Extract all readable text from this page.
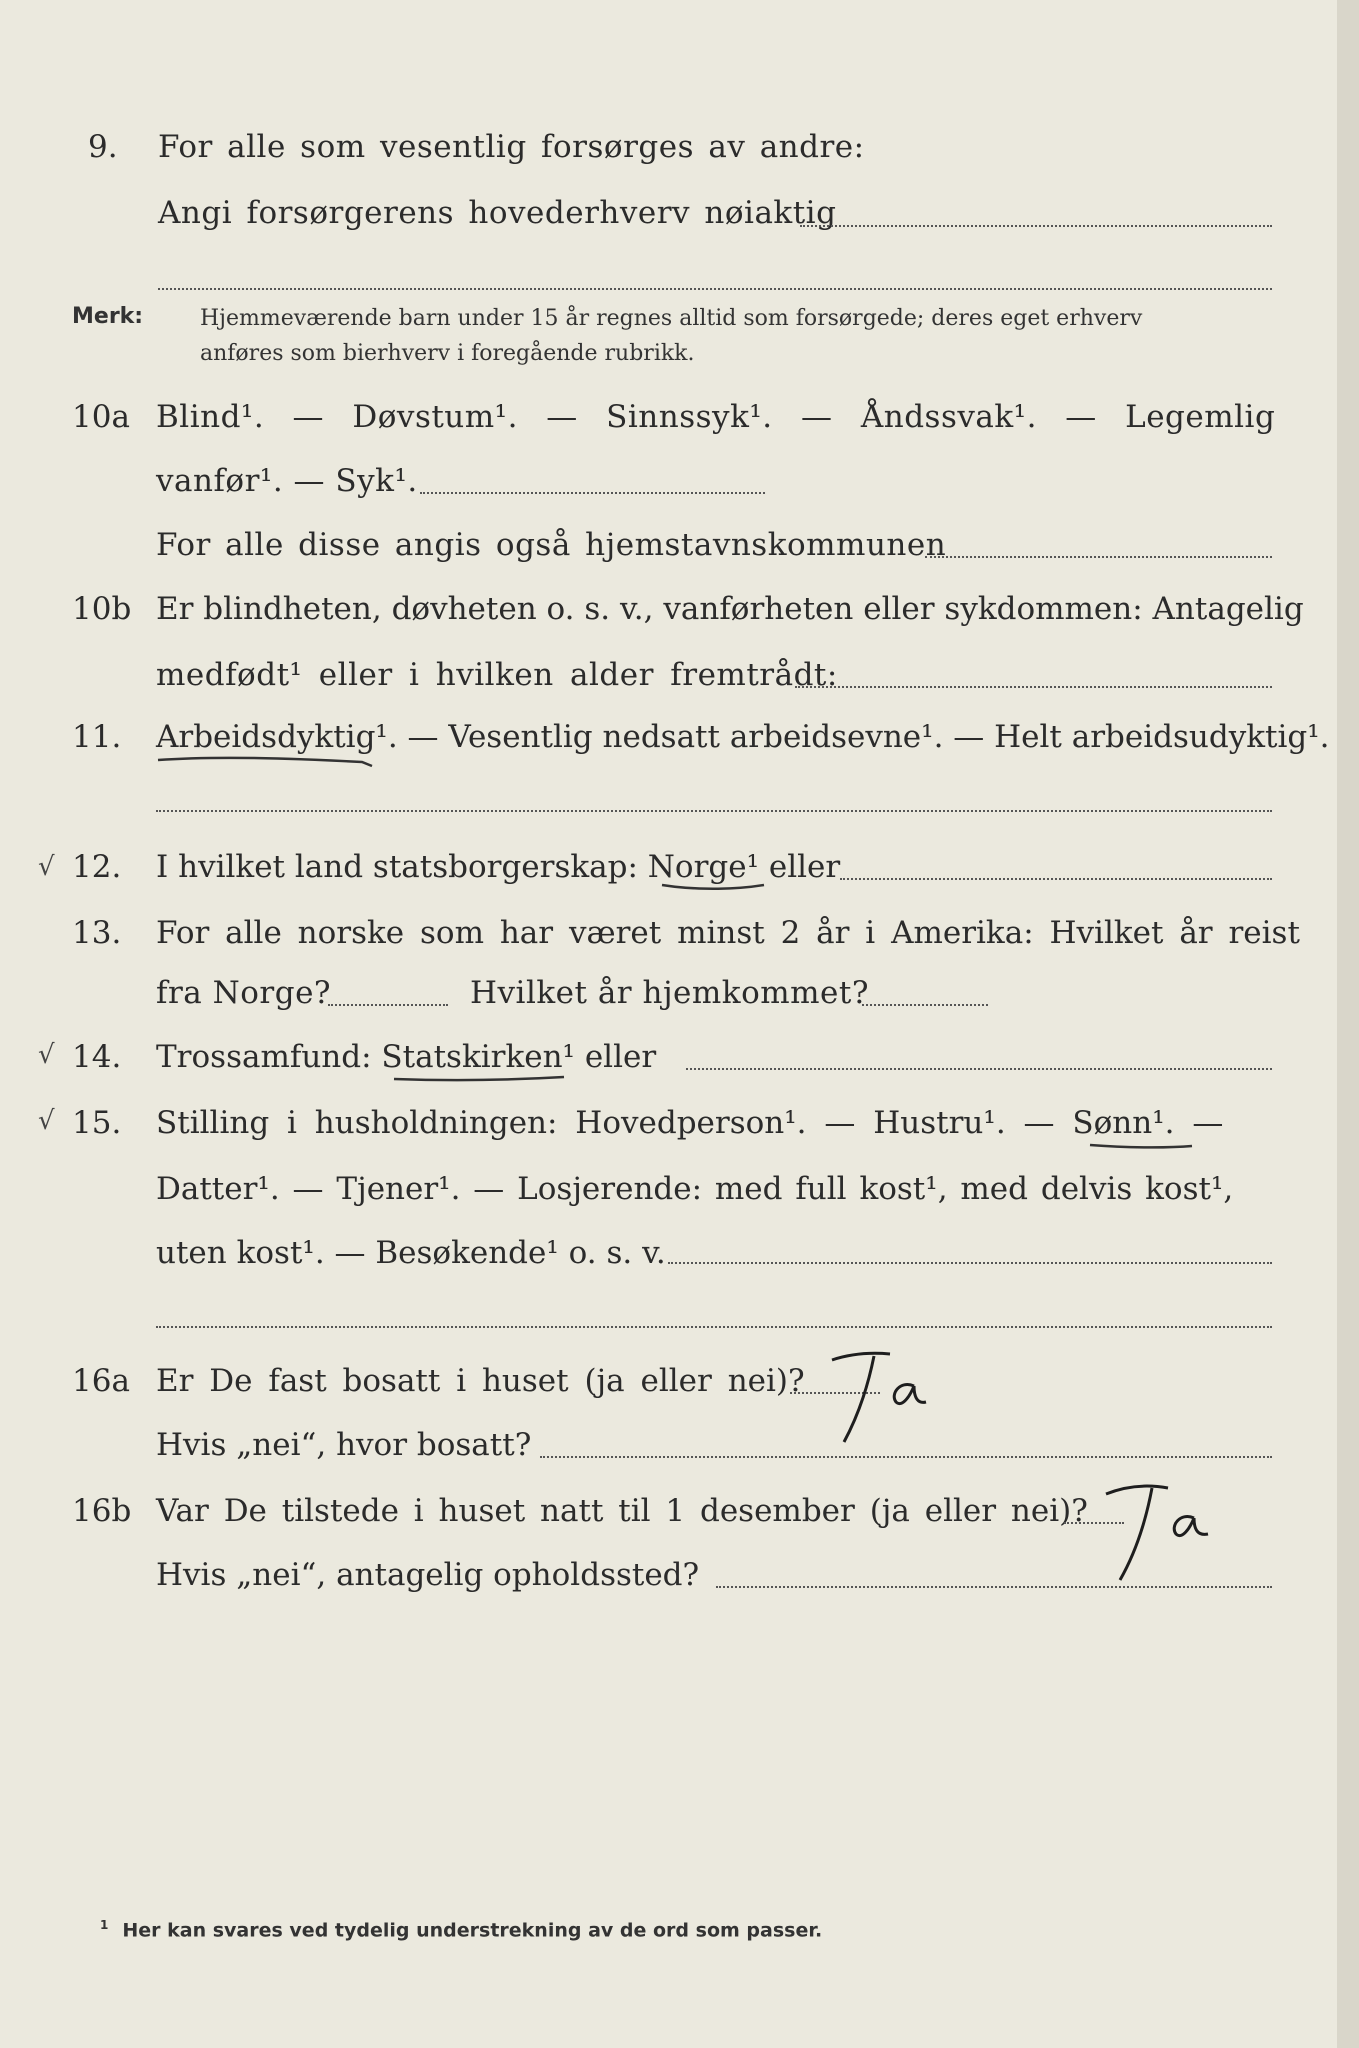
9. For alle som vesentlig forsørges av andre:
Angi forsørgerens hovederhverv nøiaktig
Merk:	Hjemmeværende barn under 15 år regnes alltid som forsørgede; deres eget erhverv
anføres som bierhverv i foregående rubrikk.
10a Blind¹. — Døvstum¹. — Sinnssyk¹. — Åndssvak¹. — Legemlig
vanfør¹. — Syk¹.
For alle disse angis også hjemstavnskommunen
10b Er blindheten, døvheten o. s. v., vanførheten eller sykdommen: Antagelig
medfødt¹ eller i hvilken alder fremtrådt:
11. Arbeidsdyktig¹. — Vesentlig nedsatt arbeidsevne¹. — Helt arbeidsudyktig¹.
√ 12. I hvilket land statsborgerskap: Norge¹ eller
13. For alle norske som har været minst 2 år i Amerika: Hvilket år reist
fra Norge?	Hvilket år hjemkommet?
√ 14. Trossamfund: Statskirken¹ eller
√ 15. Stilling i husholdningen: Hovedperson¹. — Hustru¹. — Sønn¹. —
Datter¹. — Tjener¹. — Losjerende: med full kost¹, med delvis kost¹,
uten kost¹. — Besøkende¹ o. s. v.
16a Er De fast bosatt i huset (ja eller nei)?
Hvis „nei“, hvor bosatt?
16b Var De tilstede i huset natt til 1 desember (ja eller nei)?
Hvis „nei“, antagelig opholdssted?
$^1$ Her kan svares ved tydelig understrekning av de ord som passer.
